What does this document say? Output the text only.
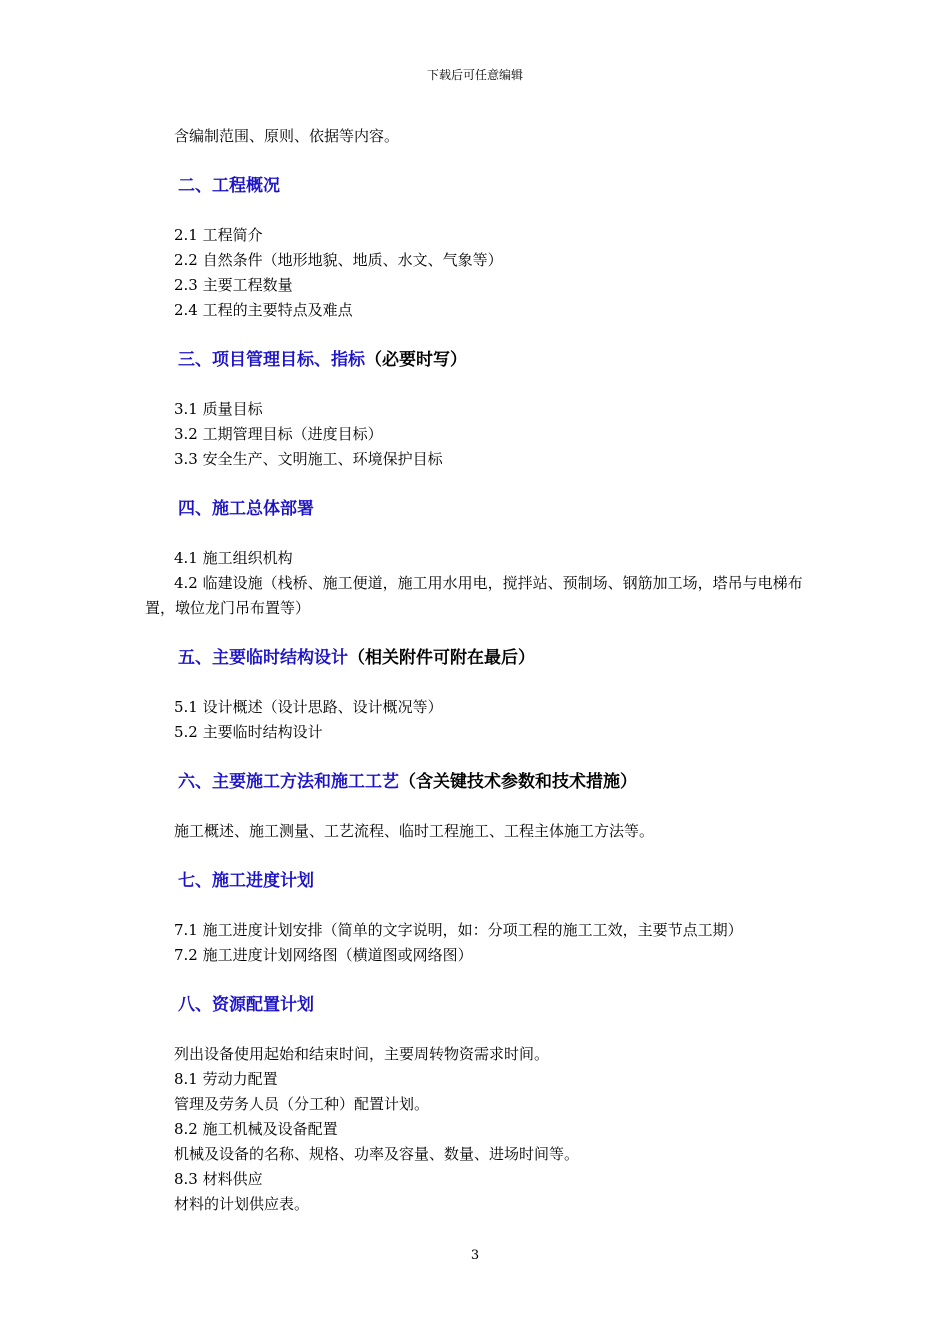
下载后可任意编辑

含编制范围、原则、依据等内容。

二、工程概况

2.1 工程简介

2.2 自然条件（地形地貌、地质、水文、气象等）

2.3 主要工程数量

2.4 工程的主要特点及难点

三、项目管理目标、指标（必要时写）

3.1 质量目标

3.2 工期管理目标（进度目标）

3.3 安全生产、文明施工、环境保护目标

四、施工总体部署

4.1 施工组织机构

4.2 临建设施（栈桥、施工便道，施工用水用电，搅拌站、预制场、钢筋加工场，塔吊与电梯布置，墩位龙门吊布置等）

五、主要临时结构设计（相关附件可附在最后）

5.1 设计概述（设计思路、设计概况等）

5.2 主要临时结构设计

六、主要施工方法和施工工艺（含关键技术参数和技术措施）

施工概述、施工测量、工艺流程、临时工程施工、工程主体施工方法等。

七、施工进度计划

7.1 施工进度计划安排（简单的文字说明，如：分项工程的施工工效，主要节点工期）

7.2 施工进度计划网络图（横道图或网络图）

八、资源配置计划

列出设备使用起始和结束时间，主要周转物资需求时间。

8.1 劳动力配置

管理及劳务人员（分工种）配置计划。

8.2 施工机械及设备配置

机械及设备的名称、规格、功率及容量、数量、进场时间等。

8.3 材料供应

材料的计划供应表。

3
